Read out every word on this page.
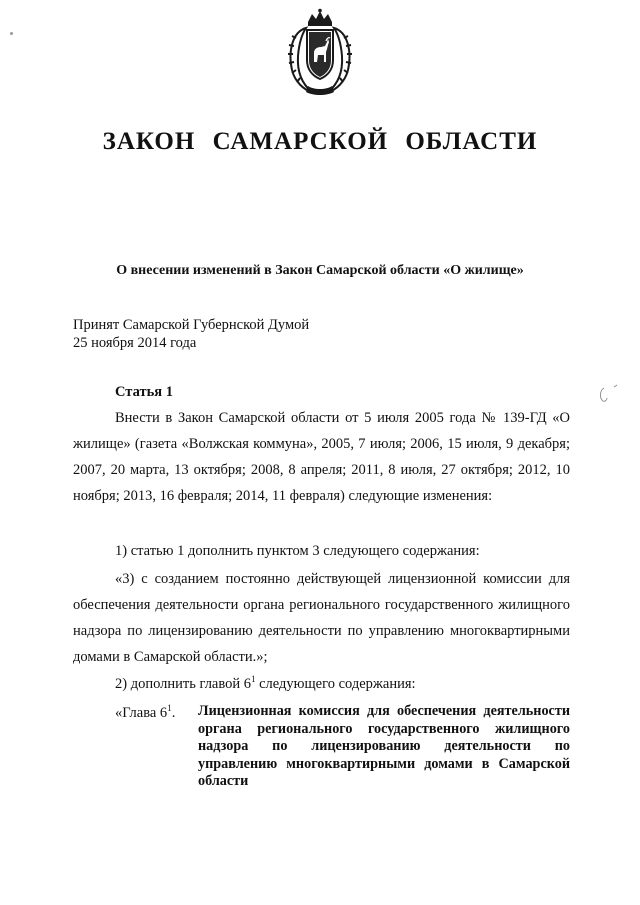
ЗАКОН САМАРСКОЙ ОБЛАСТИ
О внесении изменений в Закон Самарской области «О жилище»
Принят Самарской Губернской Думой
25 ноября 2014 года
Статья 1
Внести в Закон Самарской области от 5 июля 2005 года № 139-ГД «О жилище» (газета «Волжская коммуна», 2005, 7 июля; 2006, 15 июля, 9 декабря; 2007, 20 марта, 13 октября; 2008, 8 апреля; 2011, 8 июля, 27 октября; 2012, 10 ноября; 2013, 16 февраля; 2014, 11 февраля) следующие изменения:
1) статью 1 дополнить пунктом 3 следующего содержания:
«3) с созданием постоянно действующей лицензионной комиссии для обеспечения деятельности органа регионального государственного жилищного надзора по лицензированию деятельности по управлению многоквартирными домами в Самарской области.»;
2) дополнить главой $6^1$ следующего содержания:
«Глава $6^1$. Лицензионная комиссия для обеспечения деятельности органа регионального государственного жилищного надзора по лицензированию деятельности по управлению многоквартирными домами в Самарской области
